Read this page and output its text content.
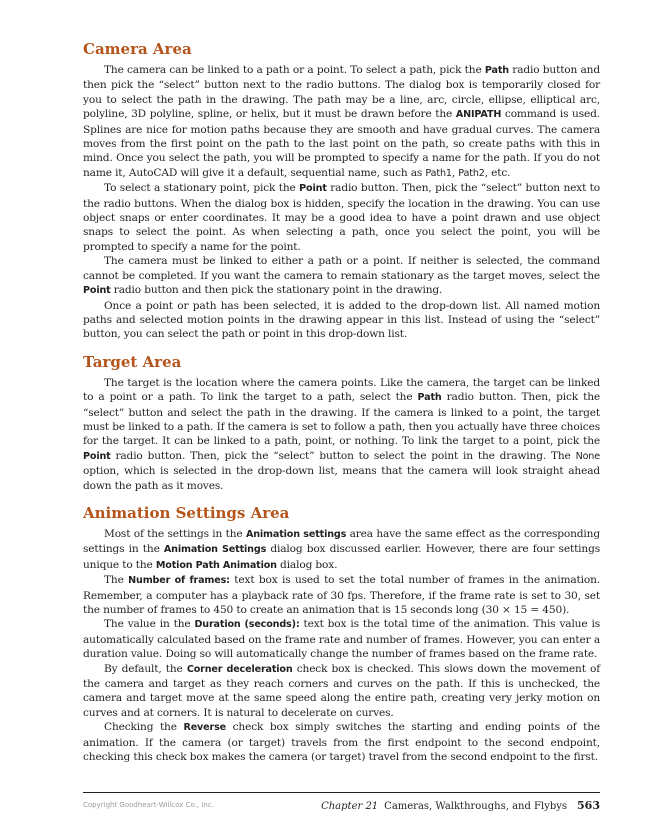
Camera Area

The camera can be linked to a path or a point. To select a path, pick the Path radio button and then pick the “select” button next to the radio buttons. The dialog box is temporarily closed for you to select the path in the drawing. The path may be a line, arc, circle, ellipse, elliptical arc, polyline, 3D polyline, spline, or helix, but it must be drawn before the ANIPATH command is used. Splines are nice for motion paths because they are smooth and have gradual curves. The camera moves from the first point on the path to the last point on the path, so create paths with this in mind. Once you select the path, you will be prompted to specify a name for the path. If you do not name it, AutoCAD will give it a default, sequential name, such as Path1, Path2, etc.

To select a stationary point, pick the Point radio button. Then, pick the “select” button next to the radio buttons. When the dialog box is hidden, specify the location in the drawing. You can use object snaps or enter coordinates. It may be a good idea to have a point drawn and use object snaps to select the point. As when selecting a path, once you select the point, you will be prompted to specify a name for the point.

The camera must be linked to either a path or a point. If neither is selected, the command cannot be completed. If you want the camera to remain stationary as the target moves, select the Point radio button and then pick the stationary point in the drawing.

Once a point or path has been selected, it is added to the drop-down list. All named motion paths and selected motion points in the drawing appear in this list. Instead of using the “select” button, you can select the path or point in this drop-down list.

Target Area

The target is the location where the camera points. Like the camera, the target can be linked to a point or a path. To link the target to a path, select the Path radio button. Then, pick the “select” button and select the path in the drawing. If the camera is linked to a point, the target must be linked to a path. If the camera is set to follow a path, then you actually have three choices for the target. It can be linked to a path, point, or nothing. To link the target to a point, pick the Point radio button. Then, pick the “select” button to select the point in the drawing. The None option, which is selected in the drop-down list, means that the camera will look straight ahead down the path as it moves.

Animation Settings Area

Most of the settings in the Animation settings area have the same effect as the corresponding settings in the Animation Settings dialog box discussed earlier. However, there are four settings unique to the Motion Path Animation dialog box.

The Number of frames: text box is used to set the total number of frames in the animation. Remember, a computer has a playback rate of 30 fps. Therefore, if the frame rate is set to 30, set the number of frames to 450 to create an animation that is 15 seconds long (30 × 15 = 450).

The value in the Duration (seconds): text box is the total time of the animation. This value is automatically calculated based on the frame rate and number of frames. However, you can enter a duration value. Doing so will automatically change the number of frames based on the frame rate.

By default, the Corner deceleration check box is checked. This slows down the movement of the camera and target as they reach corners and curves on the path. If this is unchecked, the camera and target move at the same speed along the entire path, creating very jerky motion on curves and at corners. It is natural to decelerate on curves.

Checking the Reverse check box simply switches the starting and ending points of the animation. If the camera (or target) travels from the first endpoint to the second endpoint, checking this check box makes the camera (or target) travel from the second endpoint to the first.

Copyright Goodheart-Willcox Co., Inc.	Chapter 21 Cameras, Walkthroughs, and Flybys 563
